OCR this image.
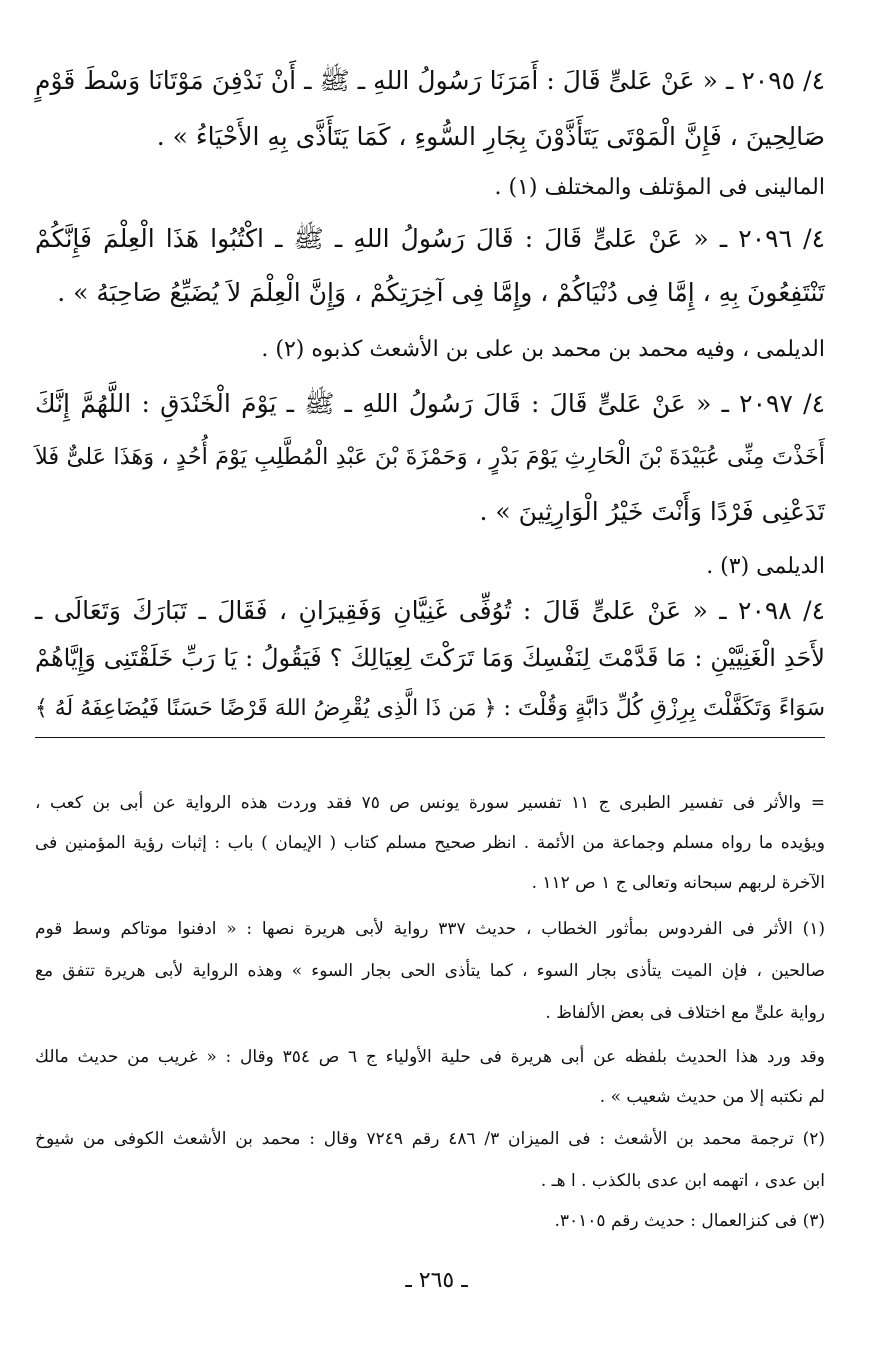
٤/ ٢٠٩٥ ـ « عَنْ عَلىٍّ قَالَ : أَمَرَنَا رَسُولُ اللهِ ـ ﷺ ـ أَنْ نَدْفِنَ مَوْتَانَا وَسْطَ قَوْمٍ

صَالِحِينَ ، فَإِنَّ الْمَوْتَى يَتَأَذَّوْنَ بِجَارِ السُّوءِ ، كَمَا يَتَأَذَّى بِهِ الأَحْيَاءُ » .

المالينى فى المؤتلف والمختلف (١) .

٤/ ٢٠٩٦ ـ « عَنْ عَلىٍّ قَالَ : قَالَ رَسُولُ اللهِ ـ ﷺ ـ اكْتُبُوا هَذَا الْعِلْمَ فَإِنَّكُمْ

تَنْتَفِعُونَ بِهِ ، إِمَّا فِى دُنْيَاكُمْ ، وإِمَّا فِى آخِرَتِكُمْ ، وَإِنَّ الْعِلْمَ لاَ يُضَيِّعُ صَاحِبَهُ » .

الديلمى ، وفيه محمد بن محمد بن على بن الأشعث كذبوه (٢) .

٤/ ٢٠٩٧ ـ « عَنْ عَلىٍّ قَالَ : قَالَ رَسُولُ اللهِ ـ ﷺ ـ يَوْمَ الْخَنْدَقِ : اللَّهُمَّ إِنَّكَ

أَخَذْتَ مِنِّى عُبَيْدَةَ بْنَ الْحَارِثِ يَوْمَ بَدْرٍ ، وَحَمْزَةَ بْنَ عَبْدِ الْمُطَّلِبِ يَوْمَ أُحُدٍ ، وَهَذَا عَلىٌّ فَلاَ

تَدَعْنِى فَرْدًا وَأَنْتَ خَيْرُ الْوَارِثِينَ » .

الديلمى (٣) .

٤/ ٢٠٩٨ ـ « عَنْ عَلىٍّ قَالَ : تُوُفِّى غَنِيَّانِ وَفَقِيرَانِ ، فَقَالَ ـ تَبَارَكَ وَتَعَالَى ـ

لأَحَدِ الْغَنِيَّيْنِ : مَا قَدَّمْتَ لِنَفْسِكَ وَمَا تَرَكْتَ لِعِيَالِكَ ؟ فَيَقُولُ : يَا رَبِّ خَلَقْتَنِى وَإِيَّاهُمْ

سَوَاءً وَتَكَفَّلْتَ بِرِزْقِ كُلِّ دَابَّةٍ وَقُلْتَ : ﴿ مَن ذَا الَّذِى يُقْرِضُ اللهَ قَرْضًا حَسَنًا فَيُضَاعِفَهُ لَهُ ﴾

= والأثر فى تفسير الطبرى ج ١١ تفسير سورة يونس ص ٧٥ فقد وردت هذه الرواية عن أبى بن كعب ،

ويؤيده ما رواه مسلم وجماعة من الأئمة . انظر صحيح مسلم كتاب ( الإيمان ) باب : إثبات رؤية المؤمنين فى

الآخرة لربهم سبحانه وتعالى ج ١ ص ١١٢ .

(١) الأثر فى الفردوس بمأثور الخطاب ، حديث ٣٣٧ رواية لأبى هريرة نصها : « ادفنوا موتاكم وسط قوم

صالحين ، فإن الميت يتأذى بجار السوء ، كما يتأذى الحى بجار السوء » وهذه الرواية لأبى هريرة تتفق مع

رواية علىٍّ مع اختلاف فى بعض الألفاظ .

وقد ورد هذا الحديث بلفظه عن أبى هريرة فى حلية الأولياء ج ٦ ص ٣٥٤ وقال : « غريب من حديث مالك

لم نكتبه إلا من حديث شعيب » .

(٢) ترجمة محمد بن الأشعث : فى الميزان ٣/ ٤٨٦ رقم ٧٢٤٩ وقال : محمد بن الأشعث الكوفى من شيوخ

ابن عدى ، اتهمه ابن عدى بالكذب . ا هـ .

(٣) فى كنزالعمال : حديث رقم ٣٠١٠٥.

ـ ٢٦٥ ـ
